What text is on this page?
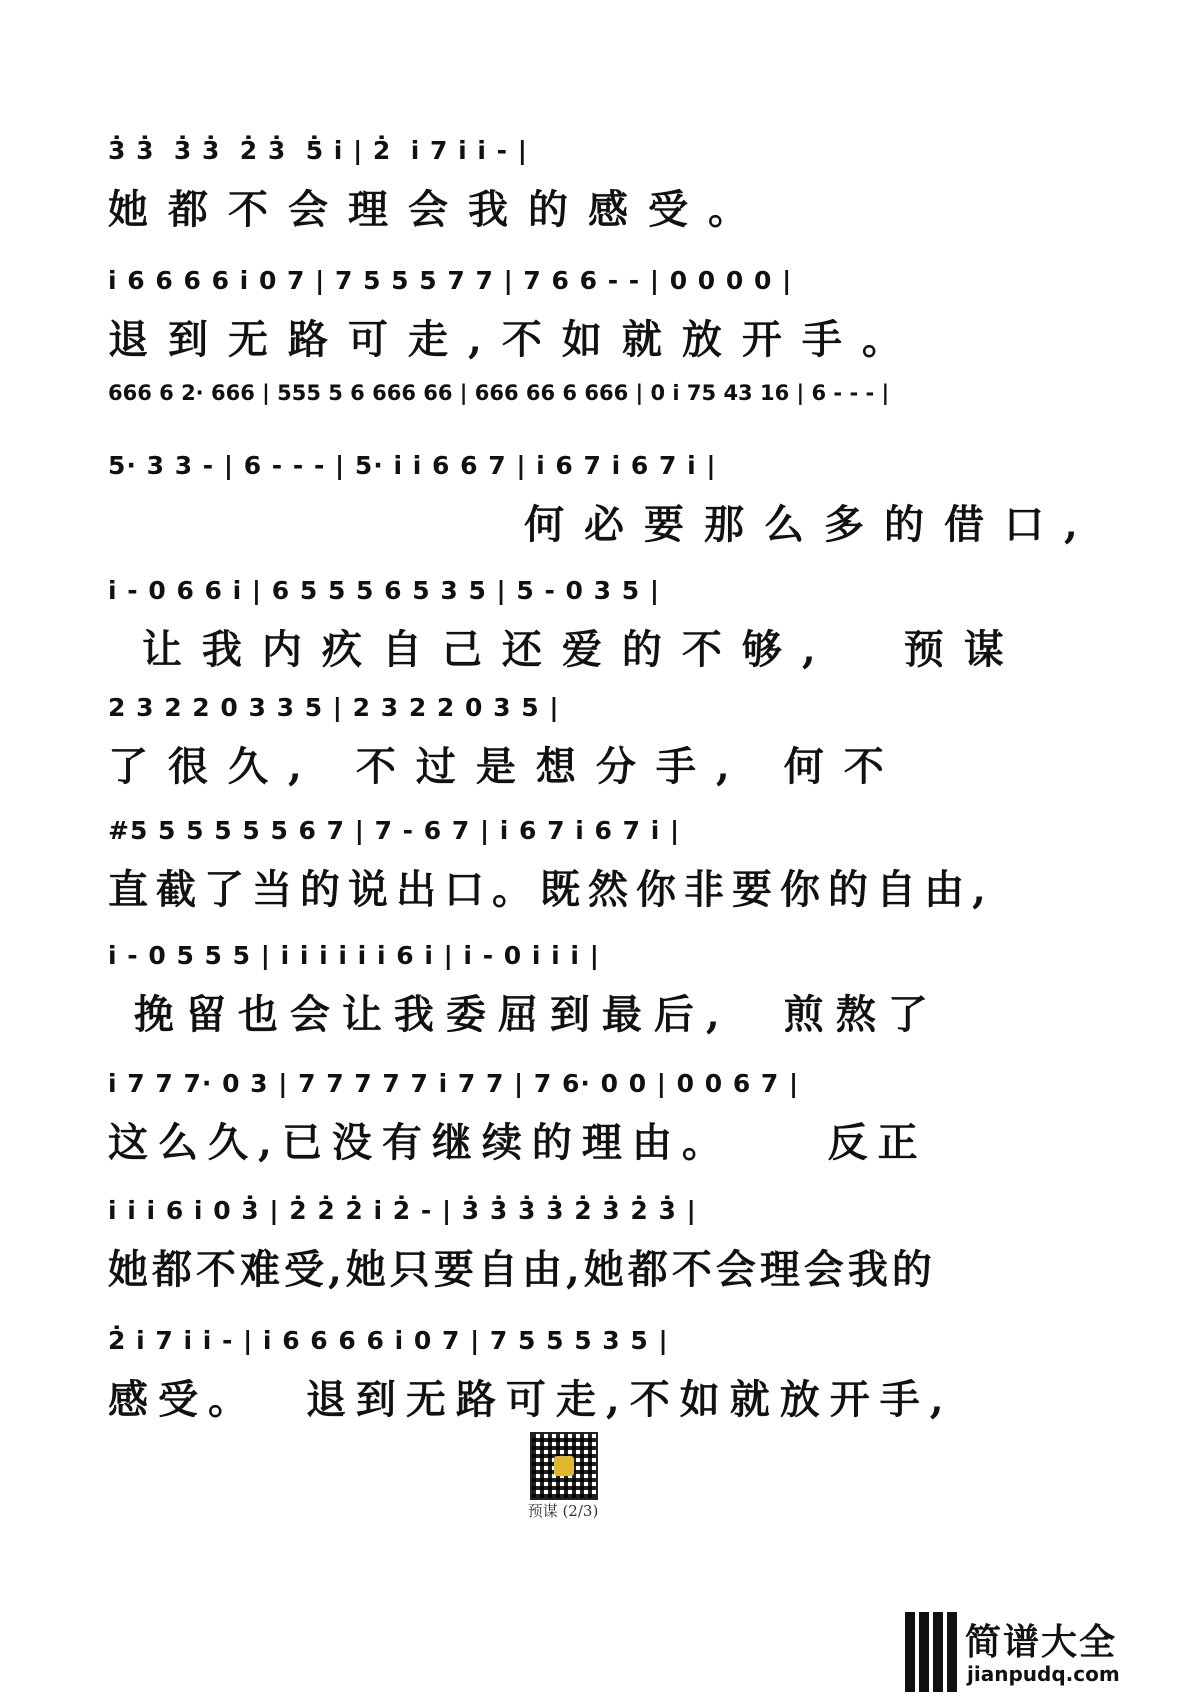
3̇ 3̇  3̇ 3̇  2̇ 3̇  5̇ i̇ | 2̇  i̇ 7 i̇ i̇ - |
她都不会理会我的感受。
i̇ 6 6 6 6 i̇ 0 7 | 7 5 5 5 7 7 | 7 6 6 - - | 0 0 0 0 |
退到无路可走,不如就放开手。
666 6 2· 666 | 555 5 6 666 66 | 666 66 6 666 | 0 i̇ 75 43 16 | 6 - - - |
5· 3 3 - | 6 - - - | 5· i̇ i̇ 6 6 7 | i̇ 6 7 i̇ 6 7 i̇ |
何必要那么多的借口,
i̇ - 0 6 6 i̇ | 6 5 5 5 6 5 3 5 | 5 - 0 3 5 |
让我内疚自己还爱的不够,  预谋
2 3 2 2 0 3 3 5 | 2 3 2 2 0 3 5 |
了很久, 不过是想分手, 何不
#5 5 5 5 5 5 6 7 | 7 - 6 7 | i̇ 6 7 i̇ 6 7 i̇ |
直截了当的说出口。既然你非要你的自由,
i̇ - 0 5 5 5 | i̇ i̇ i̇ i̇ i̇ i̇ 6 i̇ | i̇ - 0 i̇ i̇ i̇ |
挽留也会让我委屈到最后,  煎熬了
i̇ 7 7 7· 0 3 | 7 7 7 7 7 i̇ 7 7 | 7 6· 0 0 | 0 0 6 7 |
这么久,已没有继续的理由。    反正
i̇ i̇ i̇ 6 i̇ 0 3̇ | 2̇ 2̇ 2̇ i̇ 2̇ - | 3̇ 3̇ 3̇ 3̇ 2̇ 3̇ 2̇ 3̇ |
她都不难受,她只要自由,她都不会理会我的
2̇ i̇ 7 i̇ i̇ - | i̇ 6 6 6 6 i̇ 0 7 | 7 5 5 5 3 5 |
感受。  退到无路可走,不如就放开手,
预谋 (2/3)
简谱大全
jianpudq.com
